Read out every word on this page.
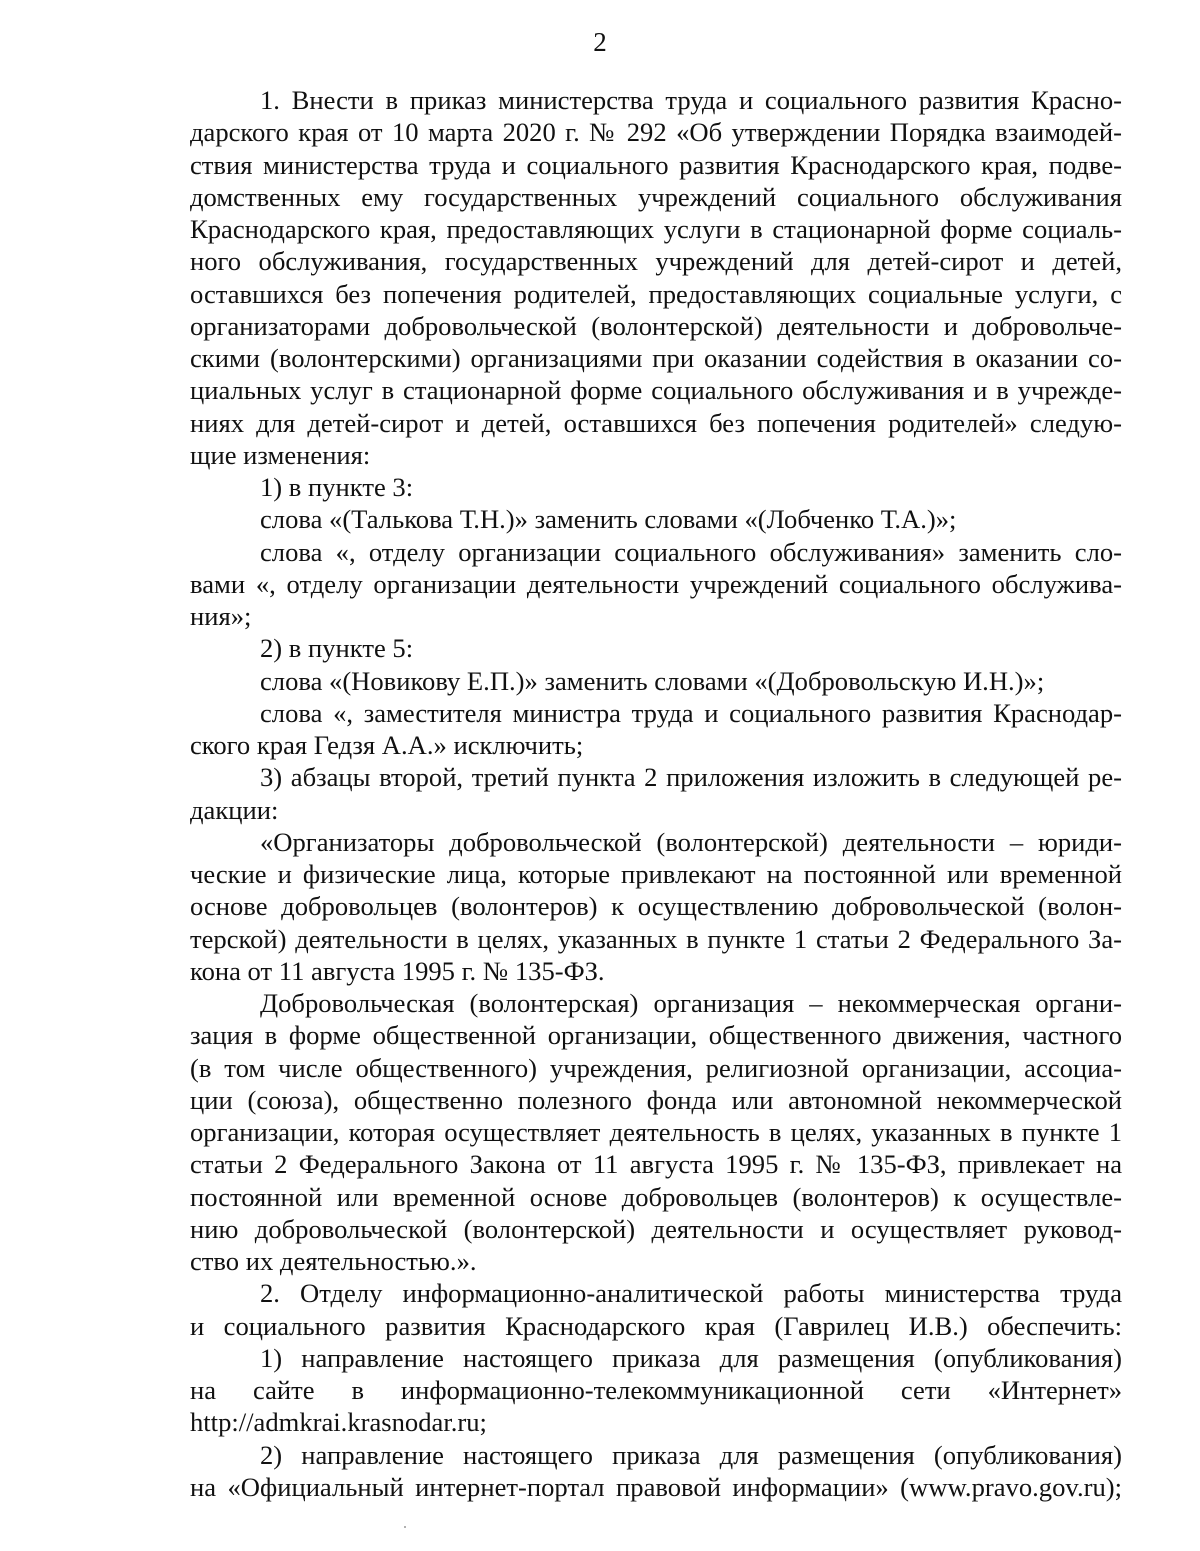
2
1. Внести в приказ министерства труда и социального развития Красно-
дарского края от 10 марта 2020 г. № 292 «Об утверждении Порядка взаимодей-
ствия министерства труда и социального развития Краснодарского края, подве-
домственных ему государственных учреждений социального обслуживания
Краснодарского края, предоставляющих услуги в стационарной форме социаль-
ного обслуживания, государственных учреждений для детей-сирот и детей,
оставшихся без попечения родителей, предоставляющих социальные услуги, с
организаторами добровольческой (волонтерской) деятельности и добровольче-
скими (волонтерскими) организациями при оказании содействия в оказании со-
циальных услуг в стационарной форме социального обслуживания и в учрежде-
ниях для детей-сирот и детей, оставшихся без попечения родителей» следую-
щие изменения:
1) в пункте 3:
слова «(Талькова Т.Н.)» заменить словами «(Лобченко Т.А.)»;
слова «, отделу организации социального обслуживания» заменить сло-
вами «, отделу организации деятельности учреждений социального обслужива-
ния»;
2) в пункте 5:
слова «(Новикову Е.П.)» заменить словами «(Добровольскую И.Н.)»;
слова «, заместителя министра труда и социального развития Краснодар-
ского края Гедзя А.А.» исключить;
3) абзацы второй, третий пункта 2 приложения изложить в следующей ре-
дакции:
«Организаторы добровольческой (волонтерской) деятельности – юриди-
ческие и физические лица, которые привлекают на постоянной или временной
основе добровольцев (волонтеров) к осуществлению добровольческой (волон-
терской) деятельности в целях, указанных в пункте 1 статьи 2 Федерального За-
кона от 11 августа 1995 г. № 135-ФЗ.
Добровольческая (волонтерская) организация – некоммерческая органи-
зация в форме общественной организации, общественного движения, частного
(в том числе общественного) учреждения, религиозной организации, ассоциа-
ции (союза), общественно полезного фонда или автономной некоммерческой
организации, которая осуществляет деятельность в целях, указанных в пункте 1
статьи 2 Федерального Закона от 11 августа 1995 г. № 135-ФЗ, привлекает на
постоянной или временной основе добровольцев (волонтеров) к осуществле-
нию добровольческой (волонтерской) деятельности и осуществляет руковод-
ство их деятельностью.».
2. Отделу информационно-аналитической работы министерства труда
и социального развития Краснодарского края (Гаврилец И.В.) обеспечить:
1) направление настоящего приказа для размещения (опубликования)
на сайте в информационно-телекоммуникационной сети «Интернет»
http://admkrai.krasnodar.ru;
2) направление настоящего приказа для размещения (опубликования)
на «Официальный интернет-портал правовой информации» (www.pravo.gov.ru);
